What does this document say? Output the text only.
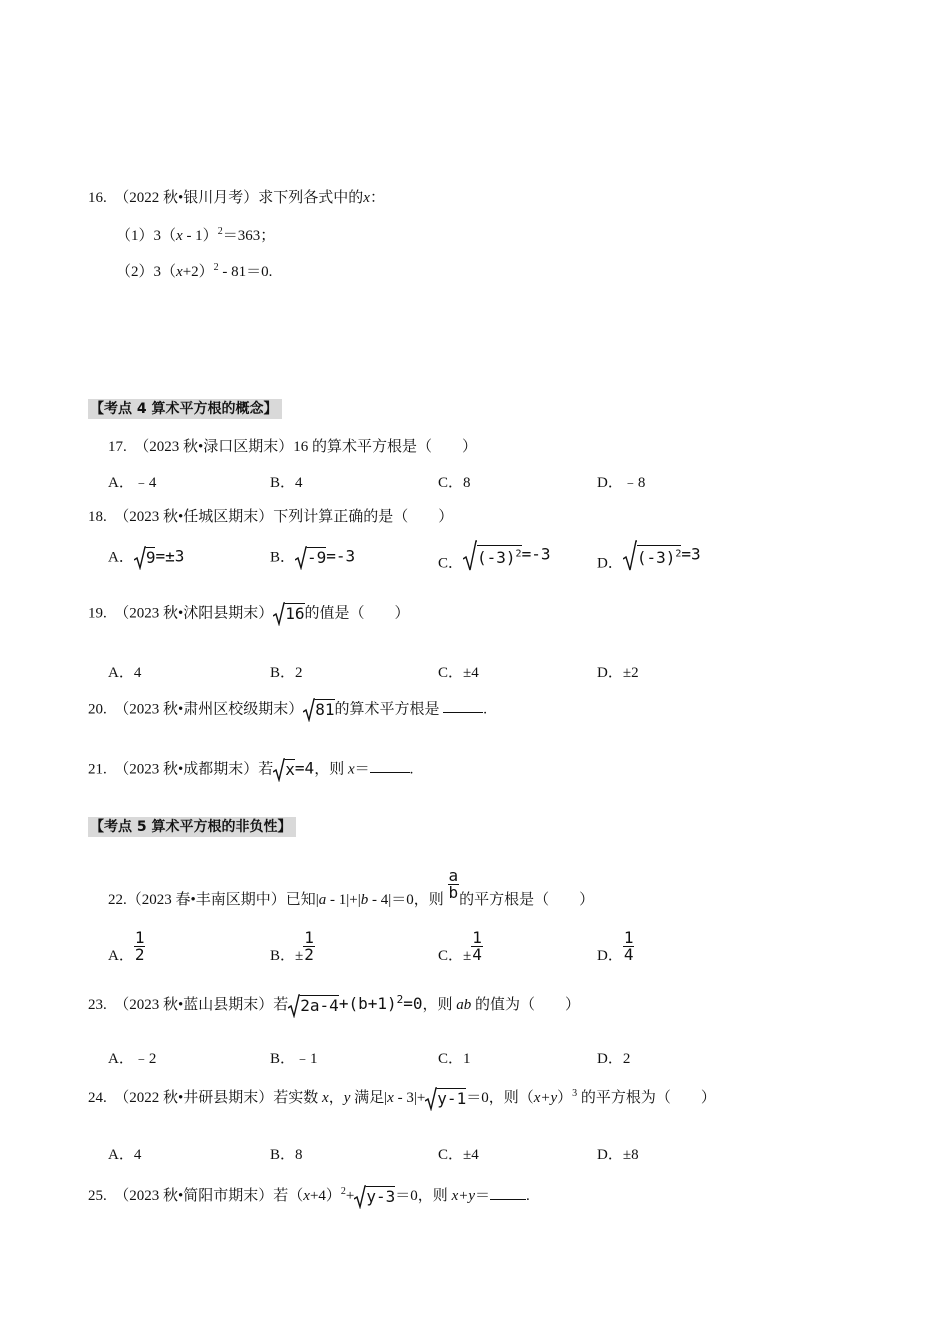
16. （2022 秋•银川月考）求下列各式中的x：
（1）3（x - 1）$^2$＝363；
$(2)3(x+2)^2 - 81=0$.
【考点 4 算术平方根的概念】
17. （2023 秋•渌口区期末）16 的算术平方根是（　　）
A．﹣4	B．4	C．8	D．﹣8
18. （2023 秋•任城区期末）下列计算正确的是（　　）
A． 9=±3	B． -9=-3	C． $(-3)^2=-3$	D． $(-3)^2=3$
19. （2023 秋•沭阳县期末） 16的值是（　　）
A．4	B．2	C．±4	D．±2
20. （2023 秋•肃州区校级期末） 81的算术平方根是	.
21. （2023 秋•成都期末）若 x=4，则 x＝	.
【考点 5 算术平方根的非负性】
22.（2023 春•丰南区期中）已知|a - 1|+|b - 4|＝0，则 $\frac{a}{b}$ 的平方根是（　　）
A． $\frac{1}{2}$	B．± $\frac{1}{2}$	C．± $\frac{1}{4}$	D． $\frac{1}{4}$
23. （2023 秋•蓝山县期末）若 $2a-4+(b+1)^2=0$，则 ab 的值为（　　）
A．﹣2	B．﹣1	C．1	D．2
24. （2022 秋•井研县期末）若实数 x，y 满足|x - 3|+ y-1＝0，则$(x+y)^3$ 的平方根为（　　）
A．4	B．8	C．±4	D．±8
25. （2023 秋•简阳市期末）若$(x+4)^2+ y-3=0$，则 x+y＝ .
